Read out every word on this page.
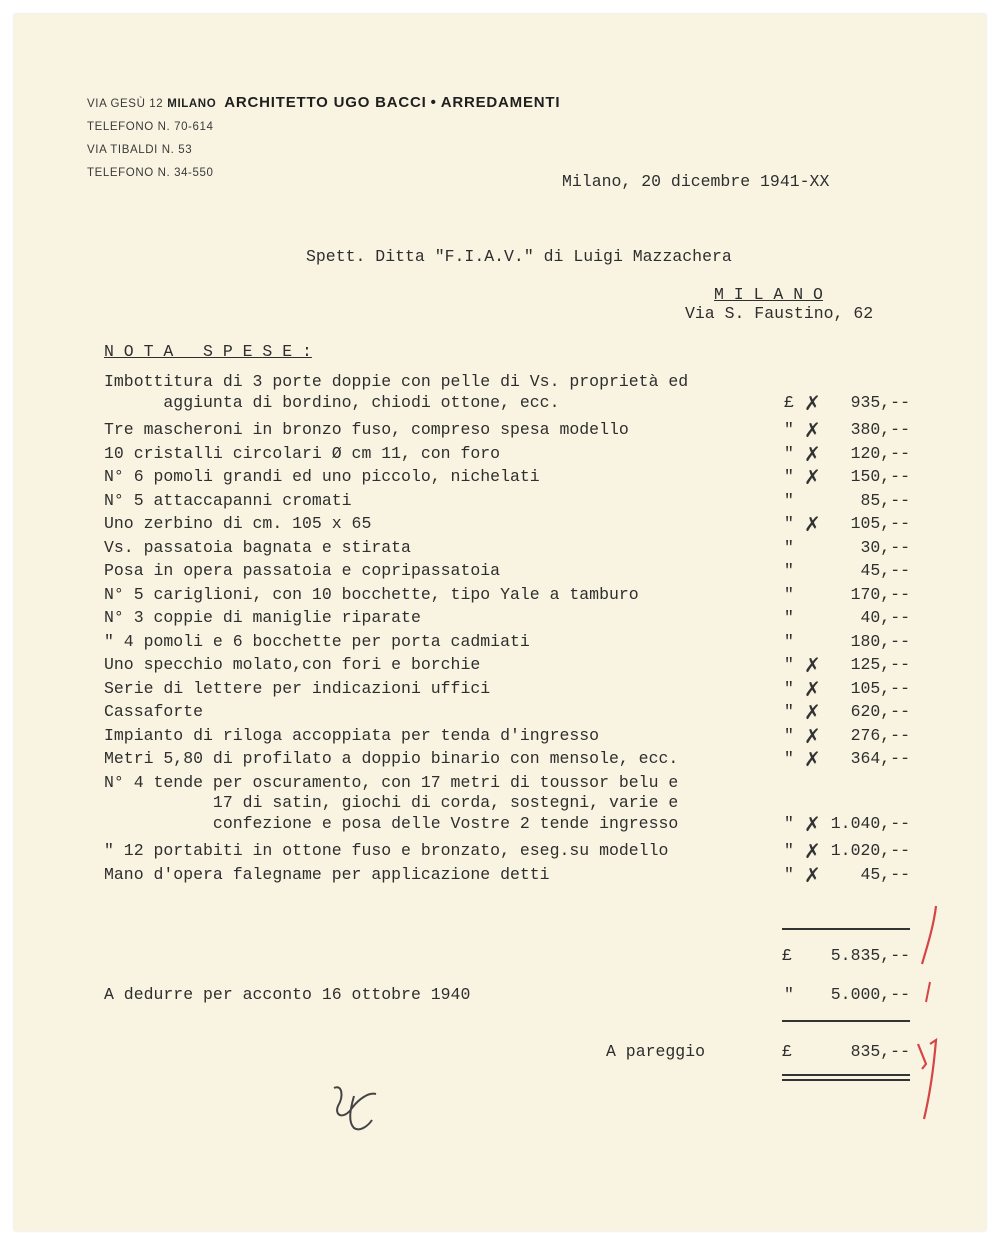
VIA GESÙ 12 MILANO ARCHITETTO UGO BACCI • ARREDAMENTI
TELEFONO N. 70-614
VIA TIBALDI N. 53
TELEFONO N. 34-550	Milano, 20 dicembre 1941-XX
Spett. Ditta "F.I.A.V." di Luigi Mazzachera
M I L A N O
Via S. Faustino, 62
N O T A   S P E S E :
Imbottitura di 3 porte doppie con pelle di Vs. proprietà ed
aggiunta di bordino, chiodi ottone, ecc.	£ ✗	935,--
Tre mascheroni in bronzo fuso, compreso spesa modello	" ✗	380,--
10 cristalli circolari Ø cm 11, con foro	" ✗	120,--
N° 6 pomoli grandi ed uno piccolo, nichelati	" ✗	150,--
N° 5 attaccapanni cromati	"	85,--
Uno zerbino di cm. 105 x 65	" ✗	105,--
Vs. passatoia bagnata e stirata	"	30,--
Posa in opera passatoia e copripassatoia	"	45,--
N° 5 cariglioni, con 10 bocchette, tipo Yale a tamburo	"	170,--
N° 3 coppie di maniglie riparate	"	40,--
" 4 pomoli e 6 bocchette per porta cadmiati	"	180,--
Uno specchio molato,con fori e borchie	" ✗	125,--
Serie di lettere per indicazioni uffici	" ✗	105,--
Cassaforte	" ✗	620,--
Impianto di riloga accoppiata per tenda d'ingresso	" ✗	276,--
Metri 5,80 di profilato a doppio binario con mensole, ecc.	" ✗	364,--
N° 4 tende per oscuramento, con 17 metri di toussor belu e
17 di satin, giochi di corda, sostegni, varie e
confezione e posa delle Vostre 2 tende ingresso	" ✗ 1.040,--
" 12 portabiti in ottone fuso e bronzato, eseg.su modello	" ✗ 1.020,--
Mano d'opera falegname per applicazione detti	" ✗	45,--
£	5.835,--
A dedurre per acconto 16 ottobre 1940	"	5.000,--
A pareggio	£	835,--
